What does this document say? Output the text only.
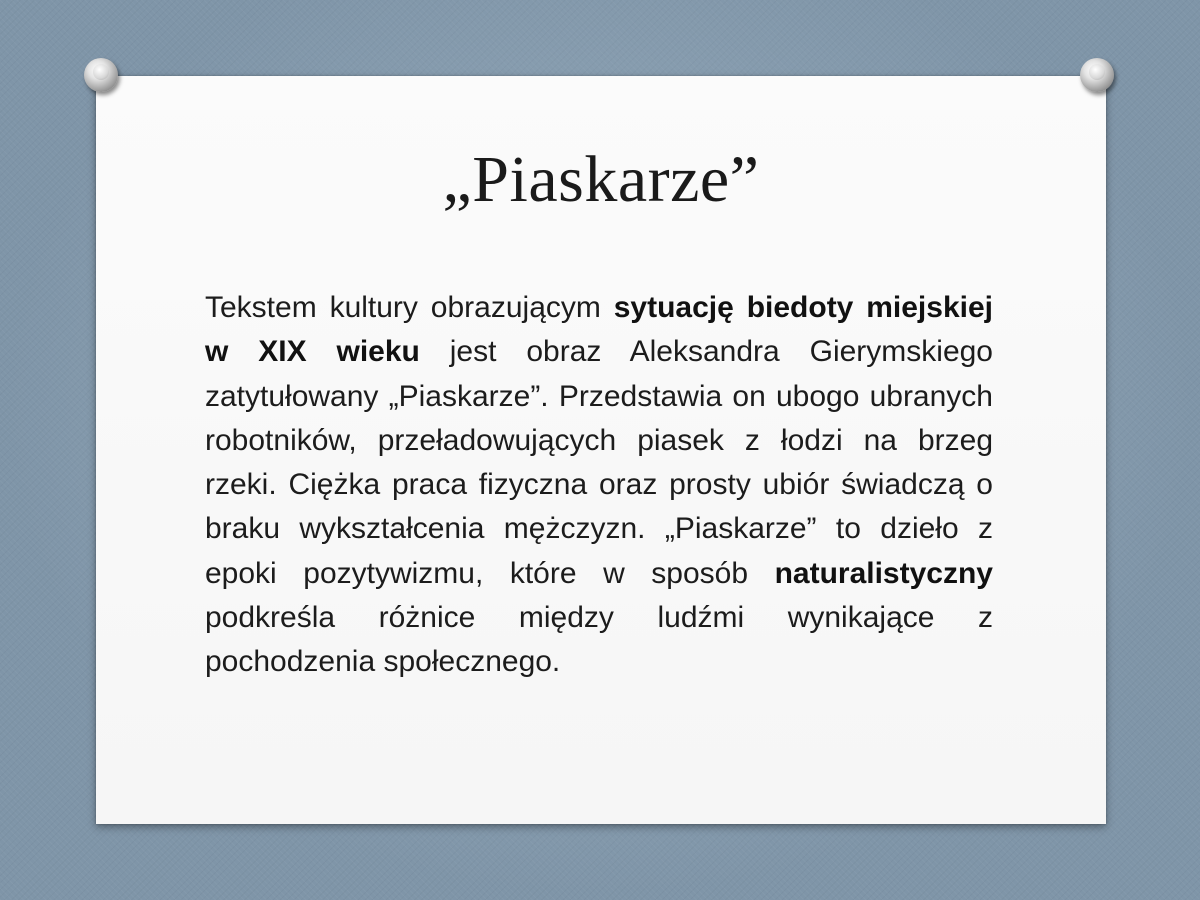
„Piaskarze”

Tekstem kultury obrazującym sytuację biedoty miejskiej w XIX wieku jest obraz Aleksandra Gierymskiego zatytułowany „Piaskarze”. Przedstawia on ubogo ubranych robotników, przeładowujących piasek z łodzi na brzeg rzeki. Ciężka praca fizyczna oraz prosty ubiór świadczą o braku wykształcenia mężczyzn. „Piaskarze” to dzieło z epoki pozytywizmu, które w sposób naturalistyczny podkreśla różnice między ludźmi wynikające z pochodzenia społecznego.
